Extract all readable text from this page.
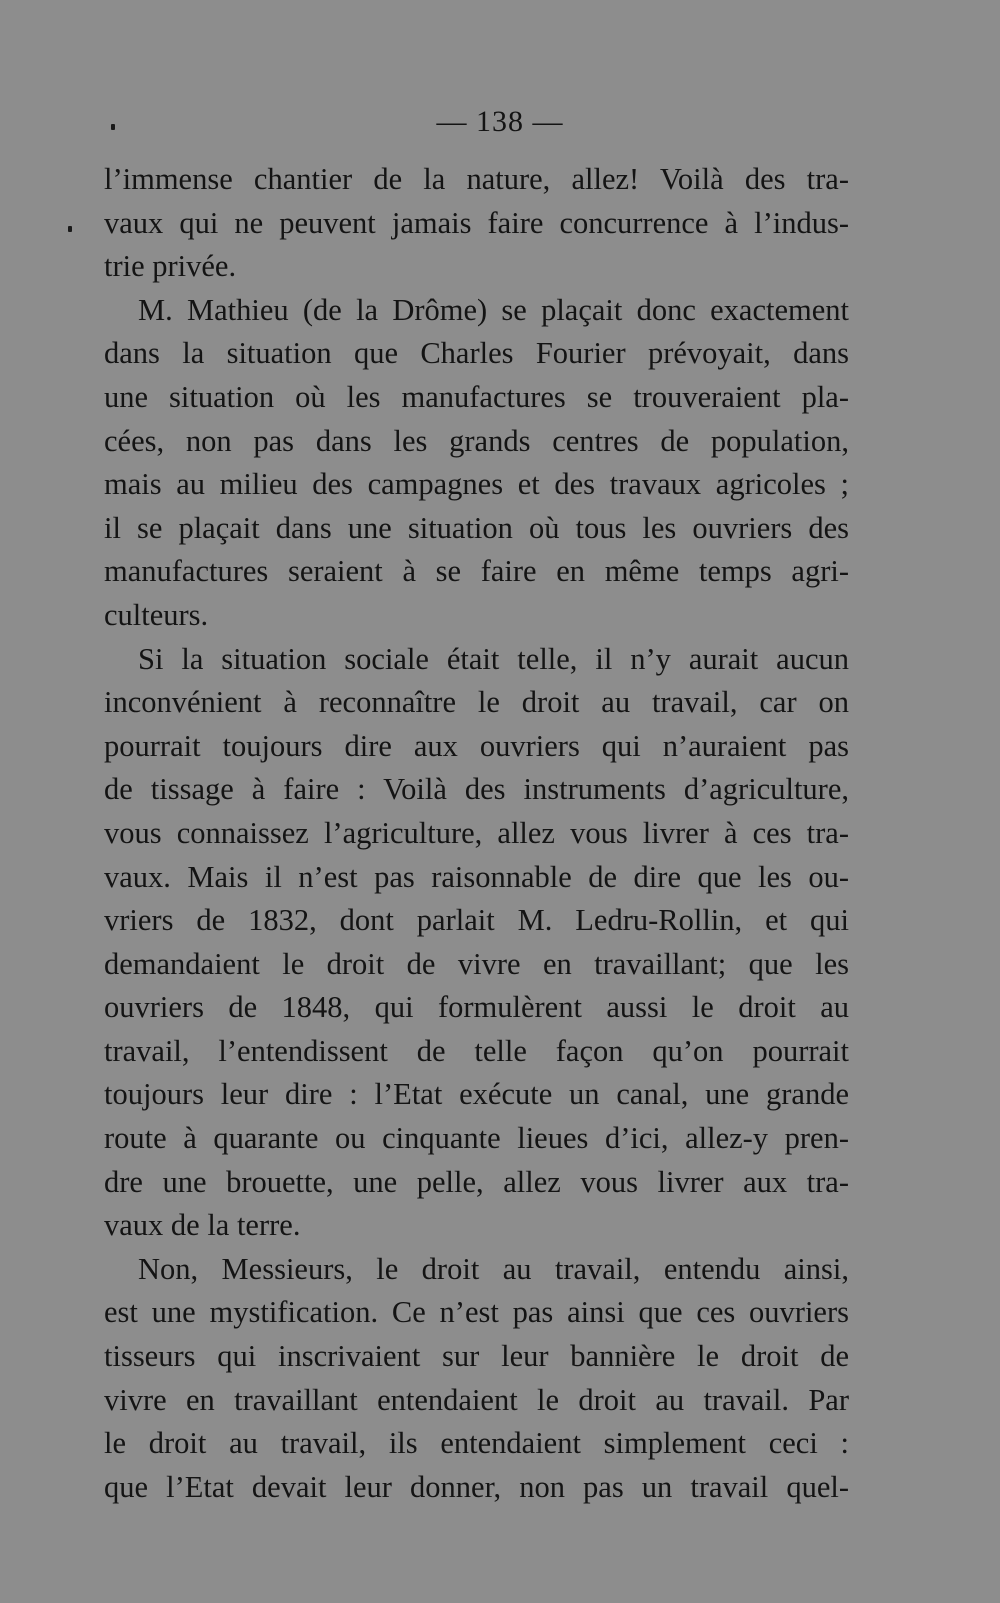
— 138 —
l’immense chantier de la nature, allez! Voilà des tra-
vaux qui ne peuvent jamais faire concurrence à l’indus-
trie privée.
M. Mathieu (de la Drôme) se plaçait donc exactement
dans la situation que Charles Fourier prévoyait, dans
une situation où les manufactures se trouveraient pla-
cées, non pas dans les grands centres de population,
mais au milieu des campagnes et des travaux agricoles ;
il se plaçait dans une situation où tous les ouvriers des
manufactures seraient à se faire en même temps agri-
culteurs.
Si la situation sociale était telle, il n’y aurait aucun
inconvénient à reconnaître le droit au travail, car on
pourrait toujours dire aux ouvriers qui n’auraient pas
de tissage à faire : Voilà des instruments d’agriculture,
vous connaissez l’agriculture, allez vous livrer à ces tra-
vaux. Mais il n’est pas raisonnable de dire que les ou-
vriers de 1832, dont parlait M. Ledru-Rollin, et qui
demandaient le droit de vivre en travaillant; que les
ouvriers de 1848, qui formulèrent aussi le droit au
travail, l’entendissent de telle façon qu’on pourrait
toujours leur dire : l’Etat exécute un canal, une grande
route à quarante ou cinquante lieues d’ici, allez-y pren-
dre une brouette, une pelle, allez vous livrer aux tra-
vaux de la terre.
Non, Messieurs, le droit au travail, entendu ainsi,
est une mystification. Ce n’est pas ainsi que ces ouvriers
tisseurs qui inscrivaient sur leur bannière le droit de
vivre en travaillant entendaient le droit au travail. Par
le droit au travail, ils entendaient simplement ceci :
que l’Etat devait leur donner, non pas un travail quel-
